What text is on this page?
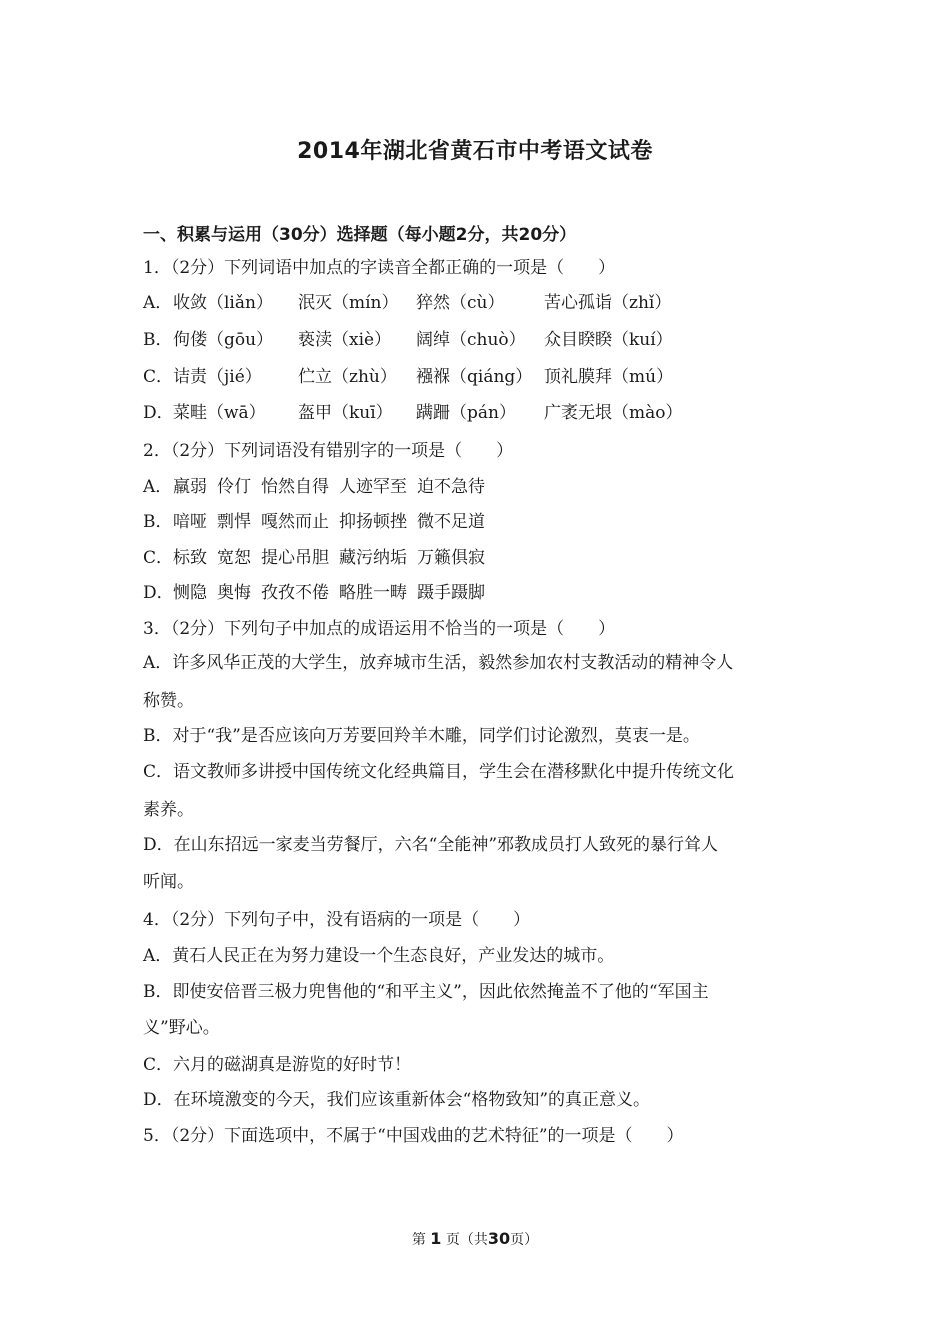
2014年湖北省黄石市中考语文试卷
一、积累与运用（30分）选择题（每小题2分，共20分）
1．（2分）下列词语中加点的字读音全都正确的一项是（　　）
A．收敛（liǎn） 泯灭（mín） 猝然（cù） 苦心孤诣（zhǐ）
B．佝偻（gōu） 亵渎（xiè） 阔绰（chuò） 众目睽睽（kuí）
C．诘责（jié） 伫立（zhù） 襁褓（qiáng） 顶礼膜拜（mú）
D．菜畦（wā） 盔甲（kuī） 蹒跚（pán） 广袤无垠（mào）
2．（2分）下列词语没有错别字的一项是（　　）
A．羸弱 伶仃 怡然自得 人迹罕至 迫不急待
B．喑哑 剽悍 嘎然而止 抑扬顿挫 微不足道
C．标致 宽恕 提心吊胆 藏污纳垢 万籁俱寂
D．恻隐 奥悔 孜孜不倦 略胜一畴 蹑手蹑脚
3．（2分）下列句子中加点的成语运用不恰当的一项是（　　）
A．许多风华正茂的大学生，放弃城市生活，毅然参加农村支教活动的精神令人
称赞。
B．对于“我”是否应该向万芳要回羚羊木雕，同学们讨论激烈，莫衷一是。
C．语文教师多讲授中国传统文化经典篇目，学生会在潜移默化中提升传统文化
素养。
D．在山东招远一家麦当劳餐厅，六名“全能神”邪教成员打人致死的暴行耸人
听闻。
4．（2分）下列句子中，没有语病的一项是（　　）
A．黄石人民正在为努力建设一个生态良好，产业发达的城市。
B．即使安倍晋三极力兜售他的“和平主义”，因此依然掩盖不了他的“军国主
义”野心。
C．六月的磁湖真是游览的好时节！
D．在环境激变的今天，我们应该重新体会“格物致知”的真正意义。
5．（2分）下面选项中，不属于“中国戏曲的艺术特征”的一项是（　　）
第 1 页（共30页）
